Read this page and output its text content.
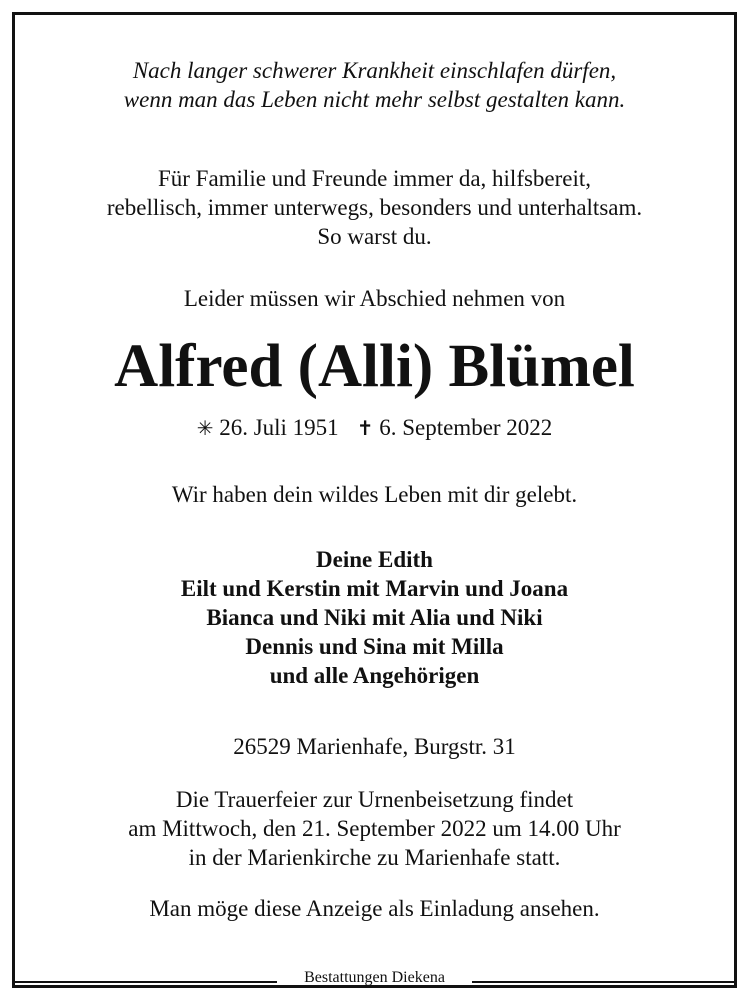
Nach langer schwerer Krankheit einschlafen dürfen,
wenn man das Leben nicht mehr selbst gestalten kann.
Für Familie und Freunde immer da, hilfsbereit,
rebellisch, immer unterwegs, besonders und unterhaltsam.
So warst du.
Leider müssen wir Abschied nehmen von
Alfred (Alli) Blümel
✳ 26. Juli 1951 ✝ 6. September 2022
Wir haben dein wildes Leben mit dir gelebt.
Deine Edith
Eilt und Kerstin mit Marvin und Joana
Bianca und Niki mit Alia und Niki
Dennis und Sina mit Milla
und alle Angehörigen
26529 Marienhafe, Burgstr. 31
Die Trauerfeier zur Urnenbeisetzung findet
am Mittwoch, den 21. September 2022 um 14.00 Uhr
in der Marienkirche zu Marienhafe statt.
Man möge diese Anzeige als Einladung ansehen.
Bestattungen Diekena
